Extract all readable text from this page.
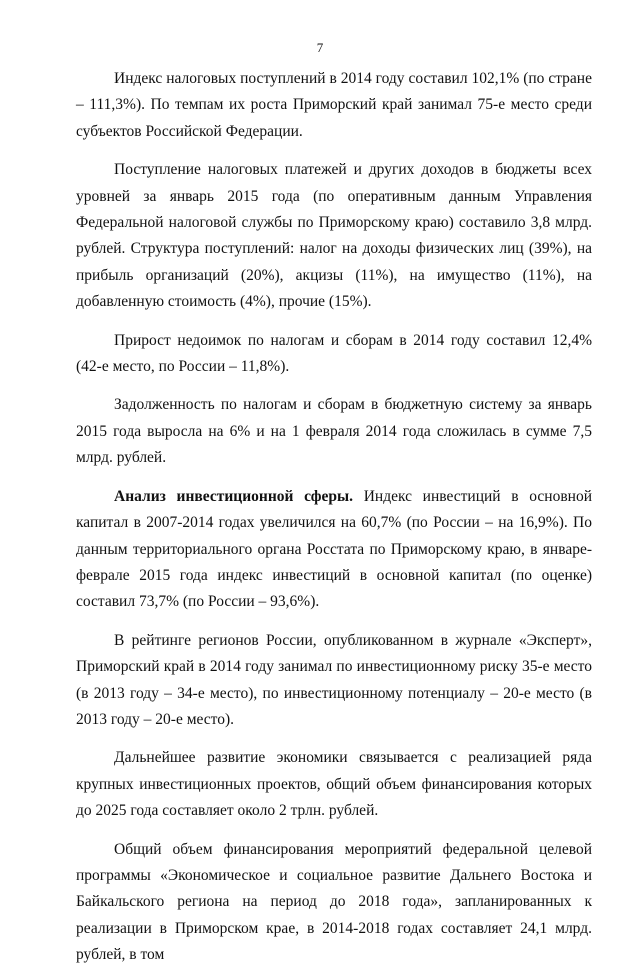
7

Индекс налоговых поступлений в 2014 году составил 102,1% (по стране – 111,3%). По темпам их роста Приморский край занимал 75-е место среди субъектов Российской Федерации.

Поступление налоговых платежей и других доходов в бюджеты всех уровней за январь 2015 года (по оперативным данным Управления Федеральной налоговой службы по Приморскому краю) составило 3,8 млрд. рублей. Структура поступлений: налог на доходы физических лиц (39%), на прибыль организаций (20%), акцизы (11%), на имущество (11%), на добавленную стоимость (4%), прочие (15%).

Прирост недоимок по налогам и сборам в 2014 году составил 12,4% (42-е место, по России – 11,8%).

Задолженность по налогам и сборам в бюджетную систему за январь 2015 года выросла на 6% и на 1 февраля 2014 года сложилась в сумме 7,5 млрд. рублей.

Анализ инвестиционной сферы. Индекс инвестиций в основной капитал в 2007-2014 годах увеличился на 60,7% (по России – на 16,9%). По данным территориального органа Росстата по Приморскому краю, в январе-феврале 2015 года индекс инвестиций в основной капитал (по оценке) составил 73,7% (по России – 93,6%).

В рейтинге регионов России, опубликованном в журнале «Эксперт», Приморский край в 2014 году занимал по инвестиционному риску 35-е место (в 2013 году – 34-е место), по инвестиционному потенциалу – 20-е место (в 2013 году – 20-е место).

Дальнейшее развитие экономики связывается с реализацией ряда крупных инвестиционных проектов, общий объем финансирования которых до 2025 года составляет около 2 трлн. рублей.

Общий объем финансирования мероприятий федеральной целевой программы «Экономическое и социальное развитие Дальнего Востока и Байкальского региона на период до 2018 года», запланированных к реализации в Приморском крае, в 2014-2018 годах составляет 24,1 млрд. рублей, в том
